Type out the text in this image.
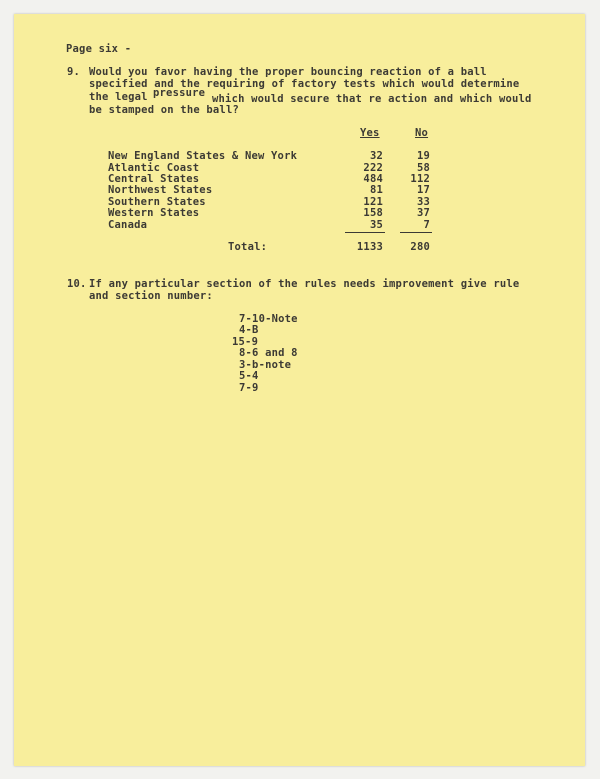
Page six -
9. Would you favor having the proper bouncing reaction of a ball
specified and the requiring of factory tests which would determine
the legal pressure which would secure that re action and which would
be stamped on the ball?
Yes	No
New England States & New York	32	19
Atlantic Coast	222	58
Central States	484	112
Northwest States	81	17
Southern States	121	33
Western States	158	37
Canada	35	7
Total:	1133	280
10. If any particular section of the rules needs improvement give rule
and section number:
7-10-Note
4-B
15-9
8-6 and 8
3-b-note
5-4
7-9
